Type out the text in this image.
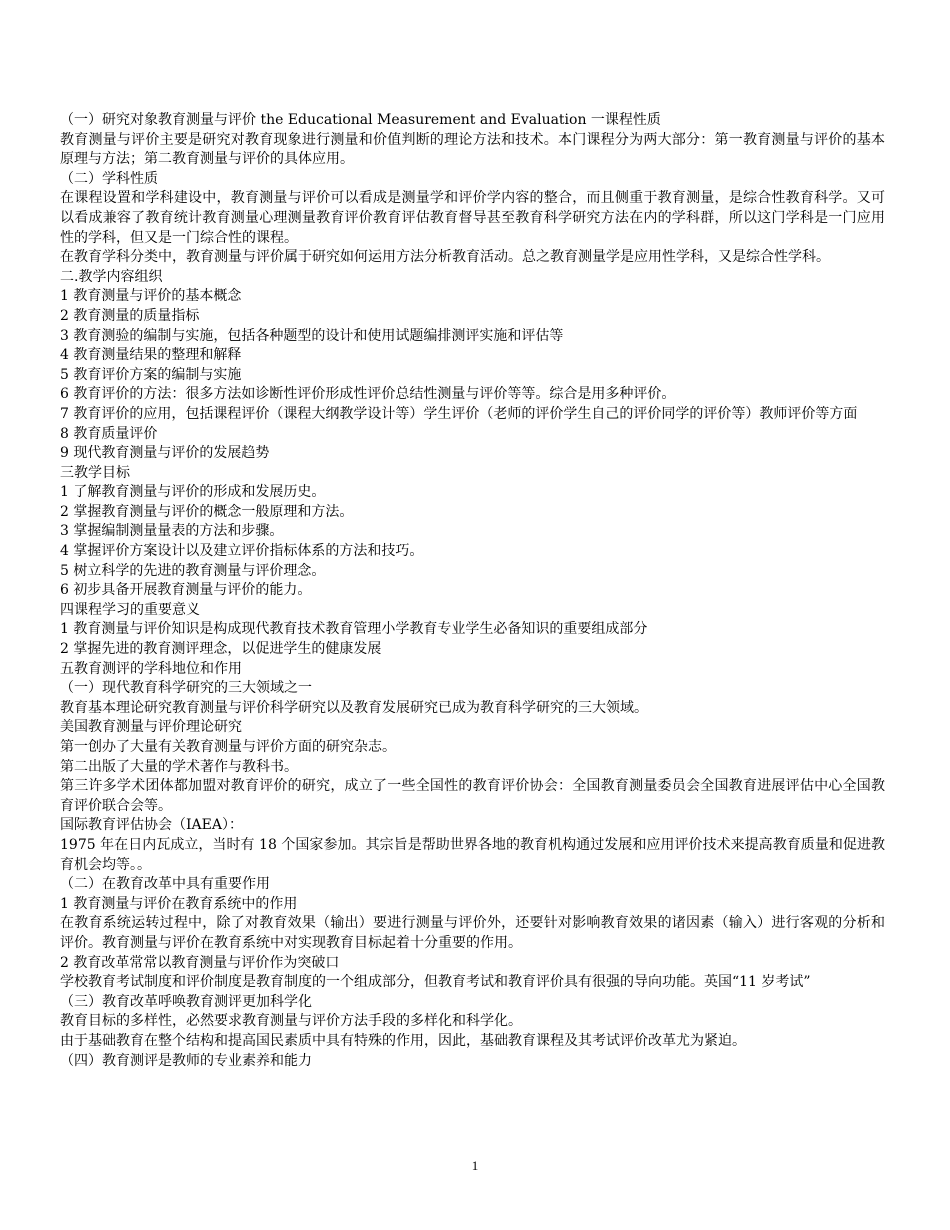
（一）研究对象教育测量与评价 the Educational Measurement and Evaluation 一课程性质

教育测量与评价主要是研究对教育现象进行测量和价值判断的理论方法和技术。本门课程分为两大部分：第一教育测量与评价的基本原理与方法；第二教育测量与评价的具体应用。

（二）学科性质

在课程设置和学科建设中，教育测量与评价可以看成是测量学和评价学内容的整合，而且侧重于教育测量，是综合性教育科学。又可以看成兼容了教育统计教育测量心理测量教育评价教育评估教育督导甚至教育科学研究方法在内的学科群，所以这门学科是一门应用性的学科，但又是一门综合性的课程。

在教育学科分类中，教育测量与评价属于研究如何运用方法分析教育活动。总之教育测量学是应用性学科，又是综合性学科。

二.教学内容组织

1 教育测量与评价的基本概念

2 教育测量的质量指标

3 教育测验的编制与实施，包括各种题型的设计和使用试题编排测评实施和评估等

4 教育测量结果的整理和解释

5 教育评价方案的编制与实施

6 教育评价的方法：很多方法如诊断性评价形成性评价总结性测量与评价等等。综合是用多种评价。

7 教育评价的应用，包括课程评价（课程大纲教学设计等）学生评价（老师的评价学生自己的评价同学的评价等）教师评价等方面

8 教育质量评价

9 现代教育测量与评价的发展趋势

三教学目标

1 了解教育测量与评价的形成和发展历史。

2 掌握教育测量与评价的概念一般原理和方法。

3 掌握编制测量量表的方法和步骤。

4 掌握评价方案设计以及建立评价指标体系的方法和技巧。

5 树立科学的先进的教育测量与评价理念。

6 初步具备开展教育测量与评价的能力。

四课程学习的重要意义

1 教育测量与评价知识是构成现代教育技术教育管理小学教育专业学生必备知识的重要组成部分

2 掌握先进的教育测评理念，以促进学生的健康发展

五教育测评的学科地位和作用

（一）现代教育科学研究的三大领域之一

教育基本理论研究教育测量与评价科学研究以及教育发展研究已成为教育科学研究的三大领域。

美国教育测量与评价理论研究

第一创办了大量有关教育测量与评价方面的研究杂志。

第二出版了大量的学术著作与教科书。

第三许多学术团体都加盟对教育评价的研究，成立了一些全国性的教育评价协会：全国教育测量委员会全国教育进展评估中心全国教育评价联合会等。

国际教育评估协会（IAEA）：

1975 年在日内瓦成立，当时有 18 个国家参加。其宗旨是帮助世界各地的教育机构通过发展和应用评价技术来提高教育质量和促进教育机会均等。。

（二）在教育改革中具有重要作用

1 教育测量与评价在教育系统中的作用

在教育系统运转过程中，除了对教育效果（输出）要进行测量与评价外，还要针对影响教育效果的诸因素（输入）进行客观的分析和评价。教育测量与评价在教育系统中对实现教育目标起着十分重要的作用。

2 教育改革常常以教育测量与评价作为突破口

学校教育考试制度和评价制度是教育制度的一个组成部分，但教育考试和教育评价具有很强的导向功能。英国“11 岁考试”

（三）教育改革呼唤教育测评更加科学化

教育目标的多样性，必然要求教育测量与评价方法手段的多样化和科学化。

由于基础教育在整个结构和提高国民素质中具有特殊的作用，因此，基础教育课程及其考试评价改革尤为紧迫。

（四）教育测评是教师的专业素养和能力

1
